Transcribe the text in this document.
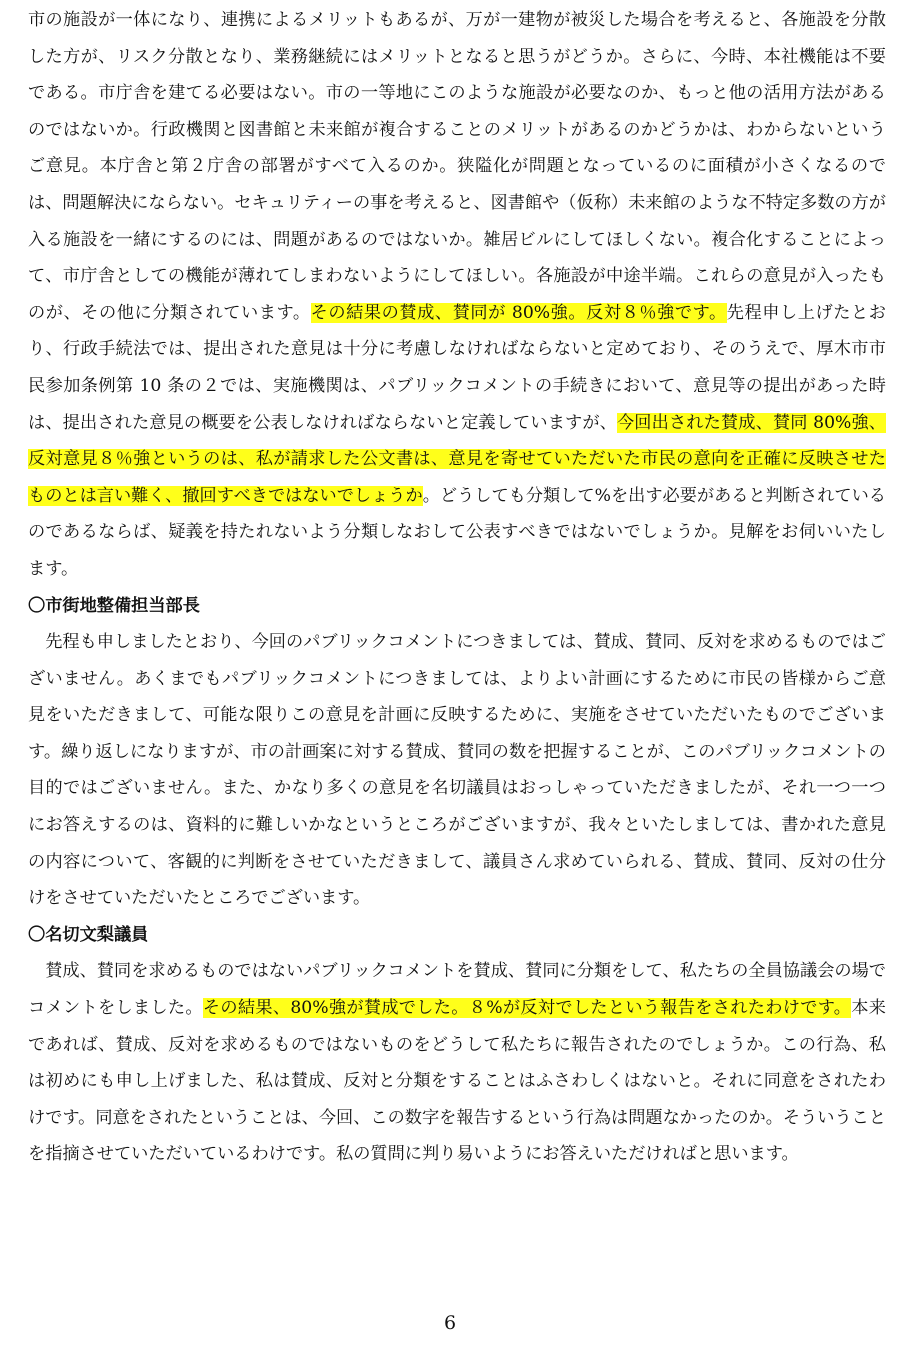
市の施設が一体になり、連携によるメリットもあるが、万が一建物が被災した場合を考えると、各施設を分散した方が、リスク分散となり、業務継続にはメリットとなると思うがどうか。さらに、今時、本社機能は不要である。市庁舎を建てる必要はない。市の一等地にこのような施設が必要なのか、もっと他の活用方法があるのではないか。行政機関と図書館と未来館が複合することのメリットがあるのかどうかは、わからないというご意見。本庁舎と第２庁舎の部署がすべて入るのか。狭隘化が問題となっているのに面積が小さくなるのでは、問題解決にならない。セキュリティーの事を考えると、図書館や（仮称）未来館のような不特定多数の方が入る施設を一緒にするのには、問題があるのではないか。雑居ビルにしてほしくない。複合化することによって、市庁舎としての機能が薄れてしまわないようにしてほしい。各施設が中途半端。これらの意見が入ったものが、その他に分類されています。その結果の賛成、賛同が 80%強。反対８％強です。先程申し上げたとおり、行政手続法では、提出された意見は十分に考慮しなければならないと定めており、そのうえで、厚木市市民参加条例第 10 条の２では、実施機関は、パブリックコメントの手続きにおいて、意見等の提出があった時は、提出された意見の概要を公表しなければならないと定義していますが、今回出された賛成、賛同 80%強、反対意見８％強というのは、私が請求した公文書は、意見を寄せていただいた市民の意向を正確に反映させたものとは言い難く、撤回すべきではないでしょうか。どうしても分類して%を出す必要があると判断されているのであるならば、疑義を持たれないよう分類しなおして公表すべきではないでしょうか。見解をお伺いいたします。

〇市街地整備担当部長

先程も申しましたとおり、今回のパブリックコメントにつきましては、賛成、賛同、反対を求めるものではございません。あくまでもパブリックコメントにつきましては、よりよい計画にするために市民の皆様からご意見をいただきまして、可能な限りこの意見を計画に反映するために、実施をさせていただいたものでございます。繰り返しになりますが、市の計画案に対する賛成、賛同の数を把握することが、このパブリックコメントの目的ではございません。また、かなり多くの意見を名切議員はおっしゃっていただきましたが、それ一つ一つにお答えするのは、資料的に難しいかなというところがございますが、我々といたしましては、書かれた意見の内容について、客観的に判断をさせていただきまして、議員さん求めていられる、賛成、賛同、反対の仕分けをさせていただいたところでございます。

〇名切文梨議員

賛成、賛同を求めるものではないパブリックコメントを賛成、賛同に分類をして、私たちの全員協議会の場でコメントをしました。その結果、80%強が賛成でした。８%が反対でしたという報告をされたわけです。本来であれば、賛成、反対を求めるものではないものをどうして私たちに報告されたのでしょうか。この行為、私は初めにも申し上げました、私は賛成、反対と分類をすることはふさわしくはないと。それに同意をされたわけです。同意をされたということは、今回、この数字を報告するという行為は問題なかったのか。そういうことを指摘させていただいているわけです。私の質問に判り易いようにお答えいただければと思います。

6
